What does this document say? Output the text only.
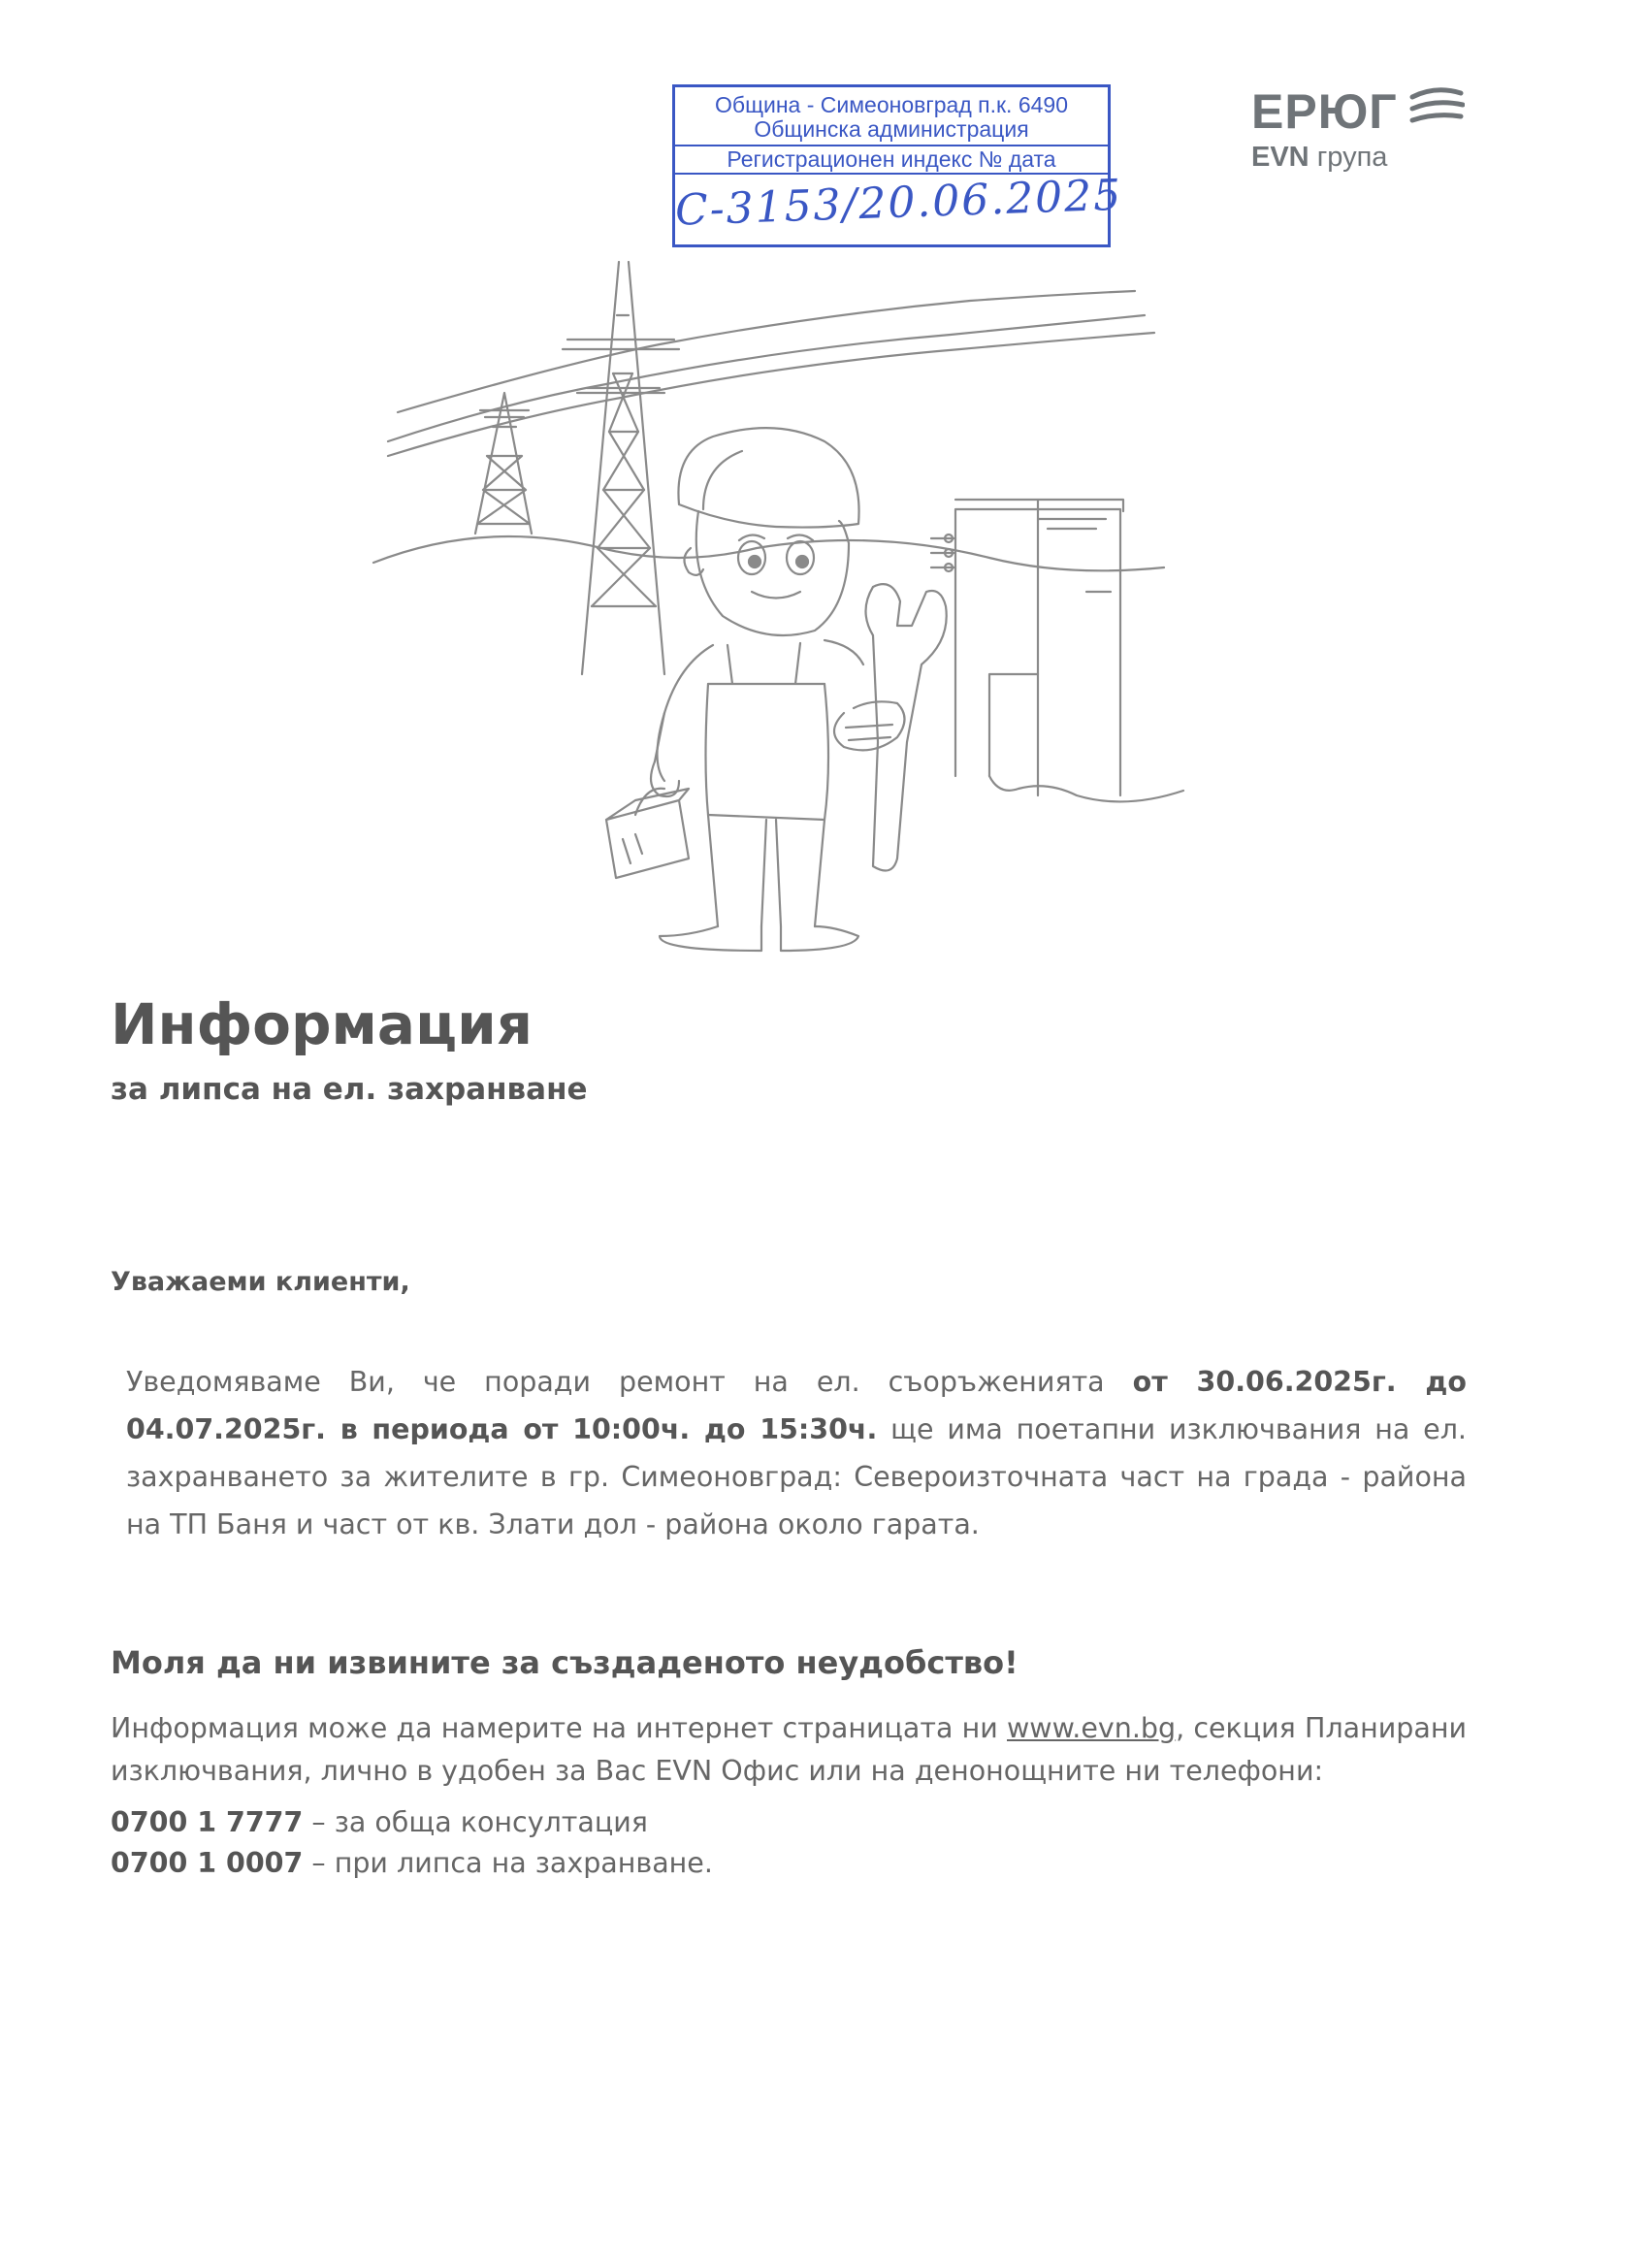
Община - Симеоновград п.к. 6490
Общинска администрация
Регистрационен индекс № дата
С-3153/20.06.2025
ЕРЮГ
EVN група
Информация
за липса на ел. захранване
Уважаеми клиенти,

Уведомяваме Ви, че поради ремонт на ел. съоръженията от 30.06.2025г. до 04.07.2025г. в периода от 10:00ч. до 15:30ч. ще има поетапни изключвания на ел. захранването за жителите в гр. Симеоновград: Североизточната част на града - района на ТП Баня и част от кв. Злати дол - района около гарата.

Моля да ни извините за създаденото неудобство!

Информация може да намерите на интернет страницата ни www.evn.bg, секция Планирани изключвания, лично в удобен за Вас EVN Офис или на денонощните ни телефони:

0700 1 7777 – за обща консултация
0700 1 0007 – при липса на захранване.
